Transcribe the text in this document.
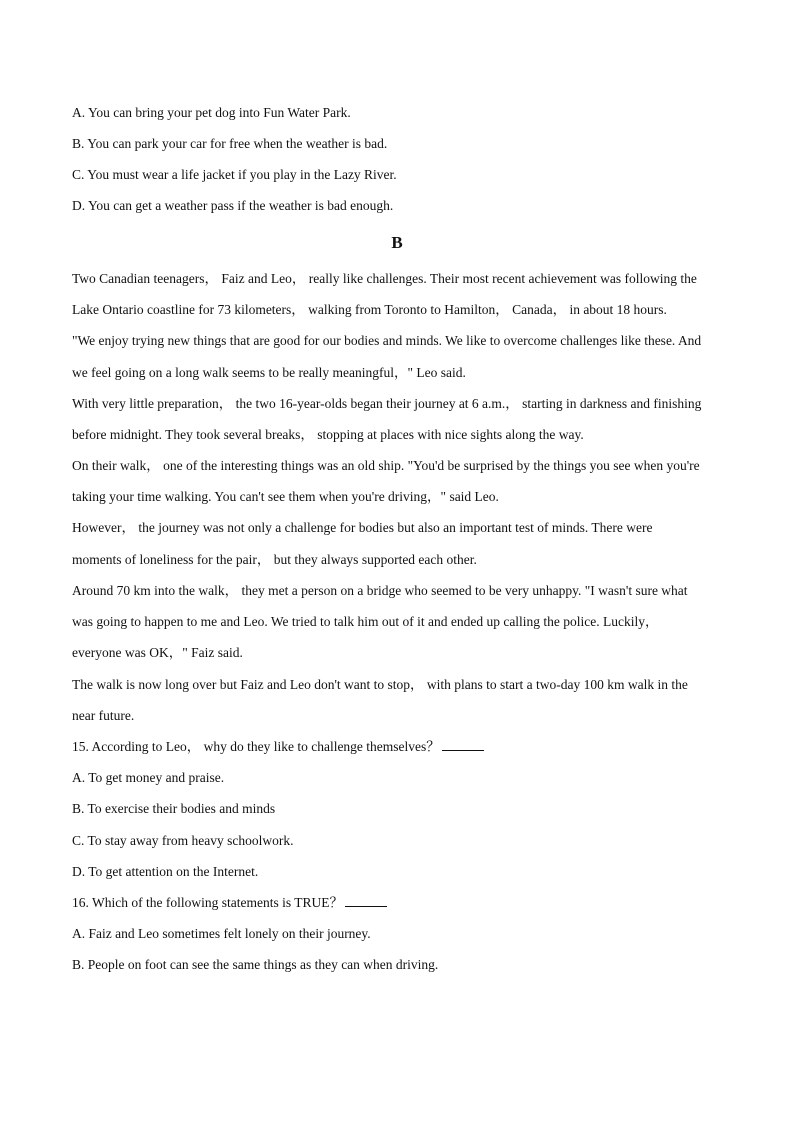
A. You can bring your pet dog into Fun Water Park.
B. You can park your car for free when the weather is bad.
C. You must wear a life jacket if you play in the Lazy River.
D. You can get a weather pass if the weather is bad enough.
B
Two Canadian teenagers， Faiz and Leo， really like challenges. Their most recent achievement was following the
Lake Ontario coastline for 73 kilometers， walking from Toronto to Hamilton， Canada， in about 18 hours.
"We enjoy trying new things that are good for our bodies and minds. We like to overcome challenges like these. And
we feel going on a long walk seems to be really meaningful，" Leo said.
With very little preparation， the two 16-year-olds began their journey at 6 a.m.， starting in darkness and finishing
before midnight. They took several breaks， stopping at places with nice sights along the way.
On their walk， one of the interesting things was an old ship. "You'd be surprised by the things you see when you're
taking your time walking. You can't see them when you're driving，" said Leo.
However， the journey was not only a challenge for bodies but also an important test of minds. There were
moments of loneliness for the pair， but they always supported each other.
Around 70 km into the walk， they met a person on a bridge who seemed to be very unhappy. "I wasn't sure what
was going to happen to me and Leo. We tried to talk him out of it and ended up calling the police. Luckily，
everyone was OK，" Faiz said.
The walk is now long over but Faiz and Leo don't want to stop， with plans to start a two-day 100 km walk in the
near future.
15. According to Leo， why do they like to challenge themselves？
A. To get money and praise.
B. To exercise their bodies and minds
C. To stay away from heavy schoolwork.
D. To get attention on the Internet.
16. Which of the following statements is TRUE？
A. Faiz and Leo sometimes felt lonely on their journey.
B. People on foot can see the same things as they can when driving.
